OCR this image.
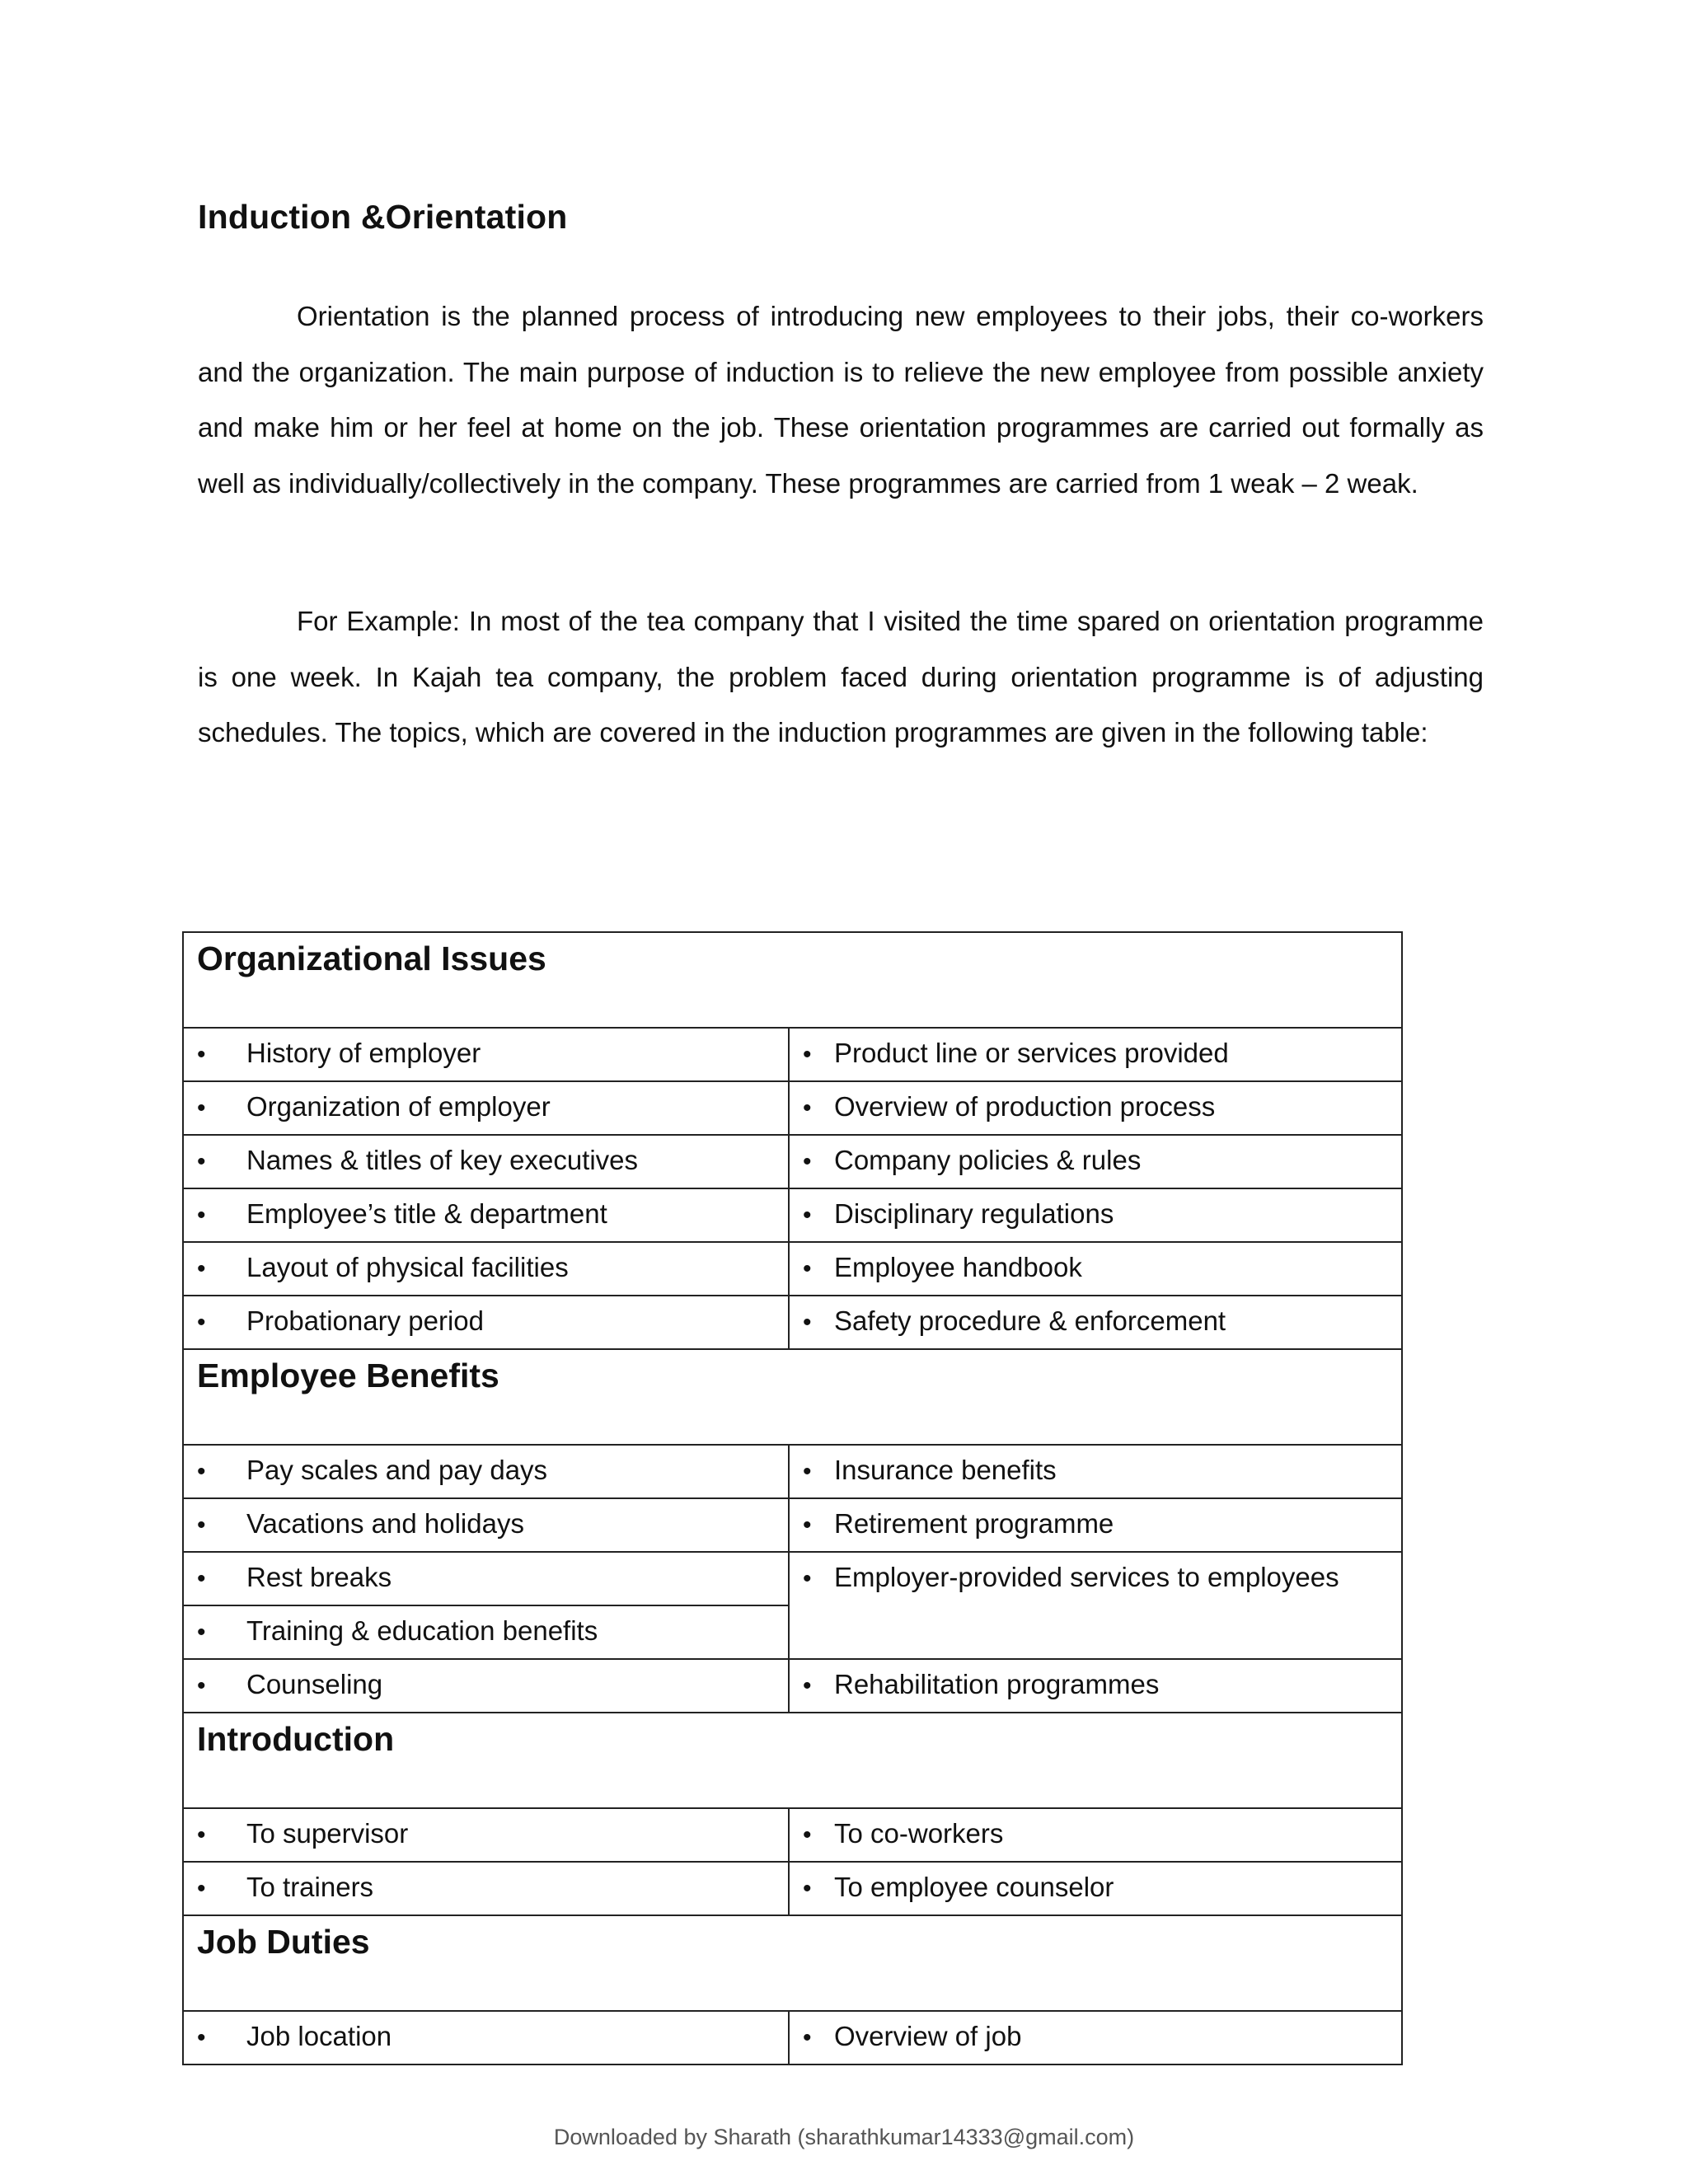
Induction &Orientation

Orientation is the planned process of introducing new employees to their jobs, their co-workers and the organization. The main purpose of induction is to relieve the new employee from possible anxiety and make him or her feel at home on the job. These orientation programmes are carried out formally as well as individually/collectively in the company. These programmes are carried from 1 weak – 2 weak.

For Example: In most of the tea company that I visited the time spared on orientation programme is one week. In Kajah tea company, the problem faced during orientation programme is of adjusting schedules. The topics, which are covered in the induction programmes are given in the following table:

Organizational Issues	
• History of employer	• Product line or services provided
• Organization of employer	• Overview of production process
• Names & titles of key executives	• Company policies & rules
• Employee’s title & department	• Disciplinary regulations
• Layout of physical facilities	• Employee handbook
• Probationary period	• Safety procedure & enforcement
Employee Benefits	
• Pay scales and pay days	• Insurance benefits
• Vacations and holidays	• Retirement programme
• Rest breaks	• Employer-provided services to employees
• Training & education benefits	
• Counseling	• Rehabilitation programmes
Introduction	
• To supervisor	• To co-workers
• To trainers	• To employee counselor
Job Duties	
• Job location	• Overview of job
Downloaded by Sharath (sharathkumar14333@gmail.com)
